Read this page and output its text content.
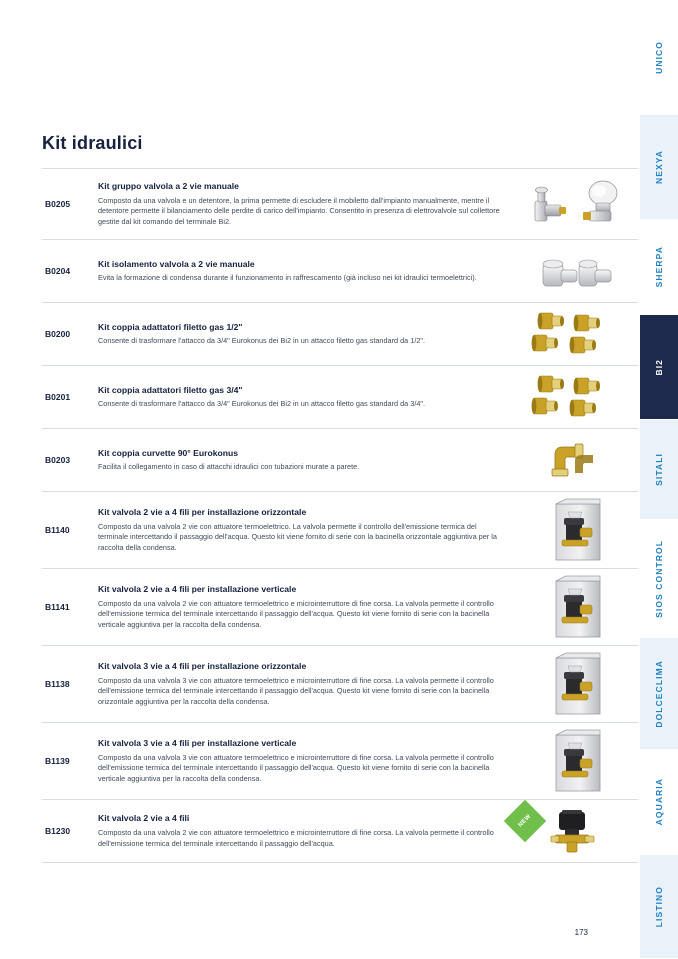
Kit idraulici
B0205
Kit gruppo valvola a 2 vie manuale
Composto da una valvola e un detentore, la prima permette di escludere il mobiletto dall'impianto manualmente, mentre il detentore permette il bilanciamento delle perdite di carico dell'impianto. Consentito in presenza di elettrovalvole sul collettore gestite dal kit comando del terminale Bi2.
B0204
Kit isolamento valvola a 2 vie manuale
Evita la formazione di condensa durante il funzionamento in raffrescamento (già incluso nei kit idraulici termoelettrici).
B0200
Kit coppia adattatori filetto gas 1/2"
Consente di trasformare l'attacco da 3/4" Eurokonus dei Bi2 in un attacco filetto gas standard da 1/2".
B0201
Kit coppia adattatori filetto gas 3/4"
Consente di trasformare l'attacco da 3/4" Eurokonus dei Bi2 in un attacco filetto gas standard da 3/4".
B0203
Kit coppia curvette 90° Eurokonus
Facilita il collegamento in caso di attacchi idraulici con tubazioni murate a parete.
B1140
Kit valvola 2 vie a 4 fili per installazione orizzontale
Composto da una valvola 2 vie con attuatore termoelettrico. La valvola permette il controllo dell'emissione termica del terminale intercettando il passaggio dell'acqua. Questo kit viene fornito di serie con la bacinella orizzontale aggiuntiva per la raccolta della condensa.
B1141
Kit valvola 2 vie a 4 fili per installazione verticale
Composto da una valvola 2 vie con attuatore termoelettrico e microinterruttore di fine corsa. La valvola permette il controllo dell'emissione termica del terminale intercettando il passaggio dell'acqua. Questo kit viene fornito di serie con la bacinella verticale aggiuntiva per la raccolta della condensa.
B1138
Kit valvola 3 vie a 4 fili per installazione orizzontale
Composto da una valvola 3 vie con attuatore termoelettrico e microinterruttore di fine corsa. La valvola permette il controllo dell'emissione termica del terminale intercettando il passaggio dell'acqua. Questo kit viene fornito di serie con la bacinella orizzontale aggiuntiva per la raccolta della condensa.
B1139
Kit valvola 3 vie a 4 fili per installazione verticale
Composto da una valvola 3 vie con attuatore termoelettrico e microinterruttore di fine corsa. La valvola permette il controllo dell'emissione termica del terminale intercettando il passaggio dell'acqua. Questo kit viene fornito di serie con la bacinella verticale aggiuntiva per la raccolta della condensa.
B1230
Kit valvola 2 vie a 4 fili
Composto da una valvola 2 vie con attuatore termoelettrico e microinterruttore di fine corsa. La valvola permette il controllo dell'emissione termica del terminale intercettando il passaggio dell'acqua.
NEW
173
UNICO
NEXYA
SHERPA
BI2
SITALI
SIOS CONTROL
DOLCECLIMA
AQUARIA
LISTINO
